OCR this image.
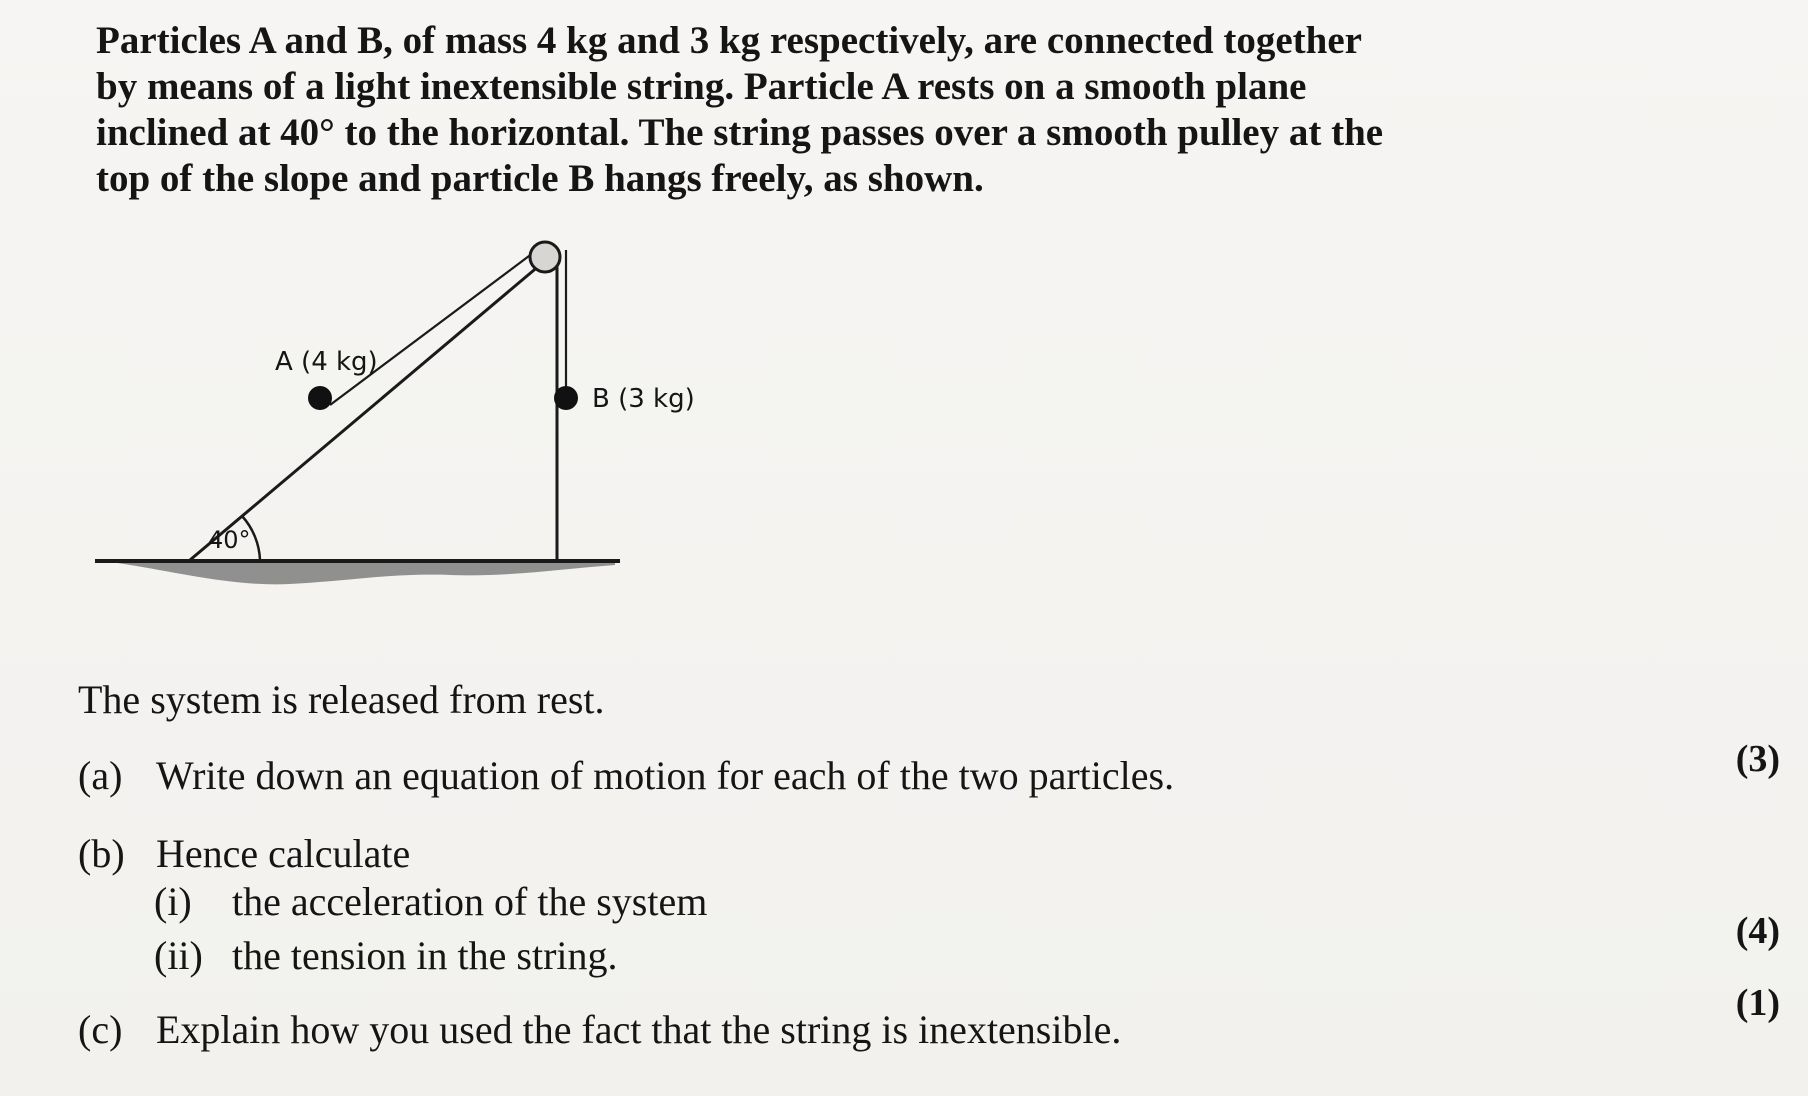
Particles A and B, of mass 4 kg and 3 kg respectively, are connected together
by means of a light inextensible string. Particle A rests on a smooth plane
inclined at 40° to the horizontal. The string passes over a smooth pulley at the
top of the slope and particle B hangs freely, as shown.

A (4 kg)
B (3 kg)
40°

The system is released from rest.

(a) Write down an equation of motion for each of the two particles.	(3)

(b) Hence calculate

(i) the acceleration of the system

(ii) the tension in the string.

(4)

(c) Explain how you used the fact that the string is inextensible.

(1)
